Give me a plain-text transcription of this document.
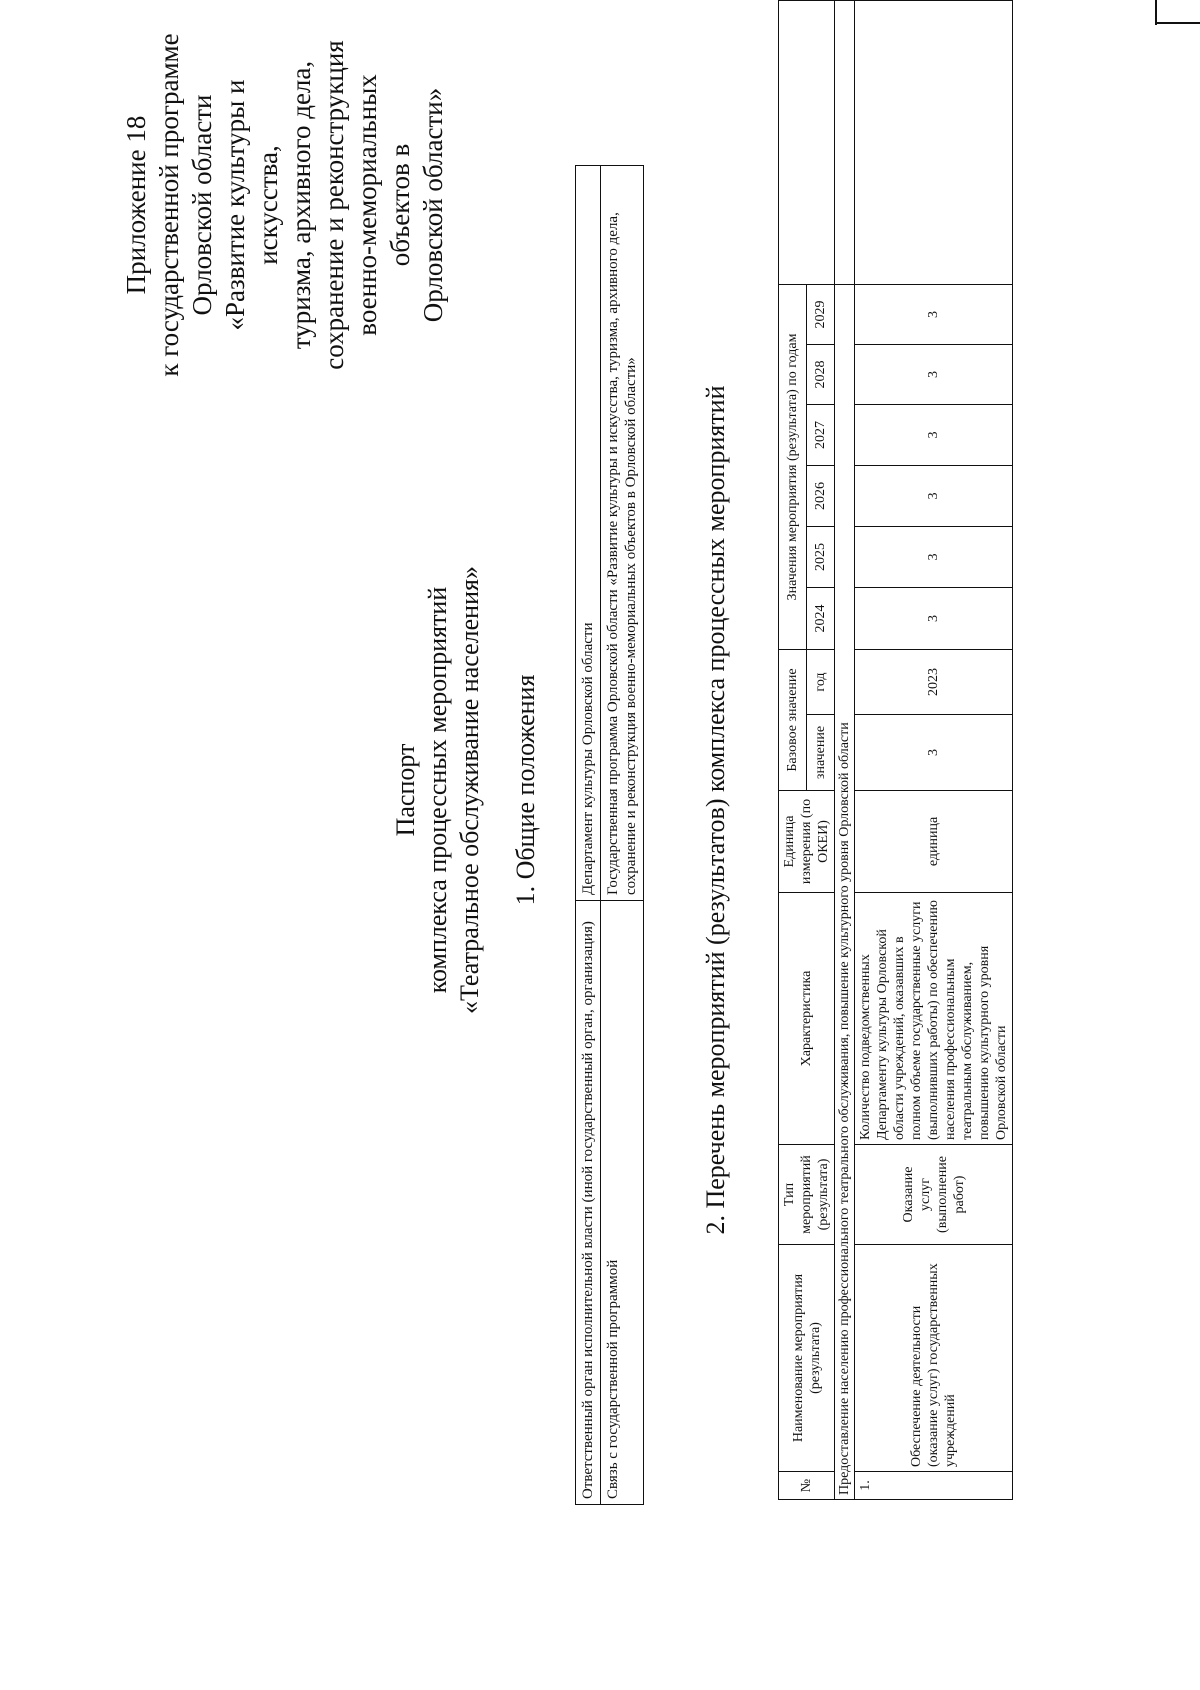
Приложение 18 к государственной программе Орловской области «Развитие культуры и искусства, туризма, архивного дела, сохранение и реконструкция военно-мемориальных объектов в Орловской области»
Паспорт комплекса процессных мероприятий «Театральное обслуживание населения» 1. Общие положения
Ответственный орган исполнительной власти (иной государственный орган, организация)	Департамент культуры Орловской области
Связь с государственной программой	Государственная программа Орловской области «Развитие культуры и искусства, туризма, архивного дела, сохранение и реконструкция военно-мемориальных объектов в Орловской области» 2. Перечень мероприятий (результатов) комплекса процессных мероприятий
№	Наименование мероприятия (результата)	Тип мероприятий (результата)	Характеристика	Единица измерения (по ОКЕИ)	Базовое значение		Значения мероприятия (результата) по годам						
					значение	год	2024	2025	2026	2027	2028	2029	
Предоставление населению профессионального театрального обслуживания, повышение культурного уровня Орловской области													
1.	Обеспечение деятельности (оказание услуг) государственных учреждений	Оказание услуг (выполнение работ)	Количество подведомственных Департаменту культуры Орловской области учреждений, оказавших в полном объеме государственные услуги (выполнивших работы) по обеспечению населения профессиональным театральным обслуживанием, повышению культурного уровня Орловской области	единица	3	2023	3	3	3	3	3	3	
